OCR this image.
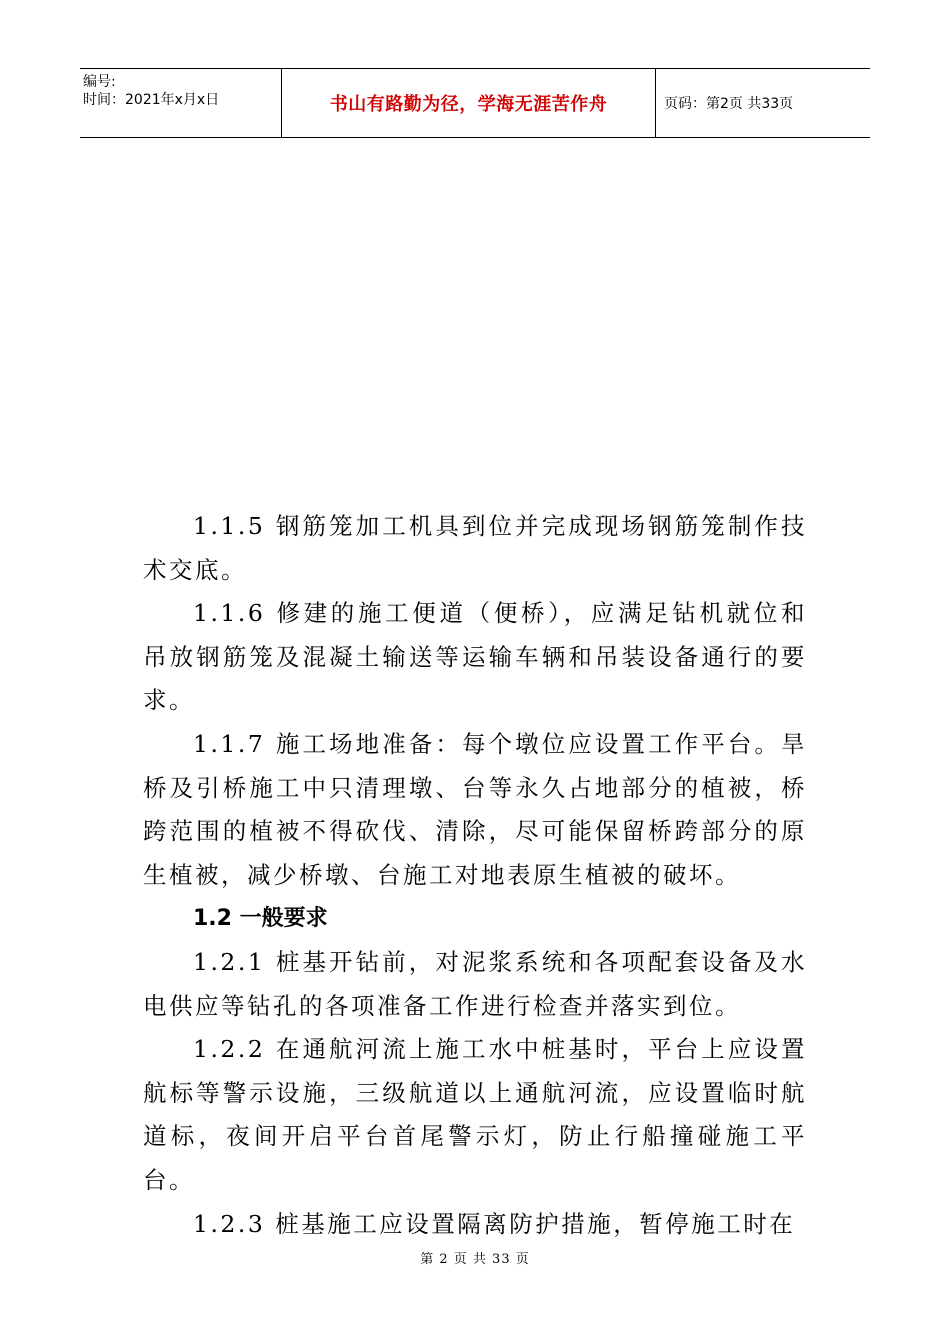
编号:
时间：2021年x月x日	书山有路勤为径，学海无涯苦作舟	页码：第2页 共33页

1.1.5 钢筋笼加工机具到位并完成现场钢筋笼制作技术交底。

1.1.6 修建的施工便道（便桥），应满足钻机就位和吊放钢筋笼及混凝土输送等运输车辆和吊装设备通行的要求。

1.1.7 施工场地准备：每个墩位应设置工作平台。旱桥及引桥施工中只清理墩、台等永久占地部分的植被，桥跨范围的植被不得砍伐、清除，尽可能保留桥跨部分的原生植被，减少桥墩、台施工对地表原生植被的破坏。

1.2 一般要求

1.2.1 桩基开钻前，对泥浆系统和各项配套设备及水电供应等钻孔的各项准备工作进行检查并落实到位。

1.2.2 在通航河流上施工水中桩基时，平台上应设置航标等警示设施，三级航道以上通航河流，应设置临时航道标，夜间开启平台首尾警示灯，防止行船撞碰施工平台。

1.2.3 桩基施工应设置隔离防护措施，暂停施工时在

第 2 页 共 33 页
